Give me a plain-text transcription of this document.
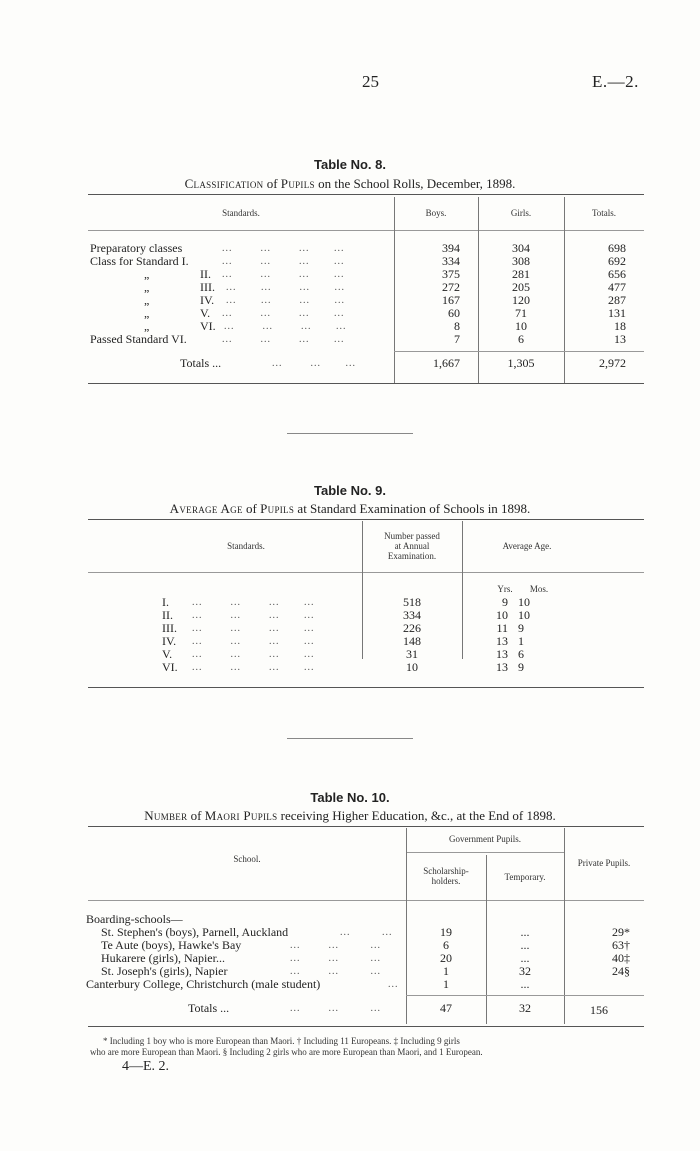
25	E.—2.
Table No. 8.
Classification of Pupils on the School Rolls, December, 1898.
Standards.	Boys.	Girls.	Totals.
Preparatory classes	...        ...        ...       ...	394	304	698
Class for Standard I.	...        ...        ...       ...	334	308	692
„	II. ...        ...        ...       ...	375	281	656
„	III. ...       ...        ...       ...	272	205	477
„	IV. ...       ...        ...       ...	167	120	287
„	V. ...        ...        ...       ...	60	71	131
„	VI. ...        ...        ...       ...	8	10	18
Passed Standard VI.	...        ...        ...       ...	7	6	13
Totals ...	...        ...       ...	1,667	1,305	2,972
Table No. 9.
Average Age of Pupils at Standard Examination of Schools in 1898.
Standards.
Number passed
at Annual
Examination.
Average Age.
Yrs.	Mos.
I. ...        ...        ...       ...	518	9 10
II. ...        ...        ...       ...	334	10 10
III. ...        ...        ...       ...	226	11 9
IV. ...        ...        ...       ...	148	13 1
V. ...        ...        ...       ...	31	13 6
VI. ...        ...        ...       ...	10	13 9
Table No. 10.
Number of Maori Pupils receiving Higher Education, &c., at the End of 1898.
School.
Government Pupils.
Scholarship-
holders.	Temporary.
Private Pupils.
Boarding-schools—
St. Stephen's (boys), Parnell, Auckland	...         ...	19	...	29*
Te Aute (boys), Hawke's Bay	...        ...         ...	6	...	63†
Hukarere (girls), Napier...	...        ...         ...	20	...	40‡
St. Joseph's (girls), Napier	...        ...         ...	1	32	24§
Canterbury College, Christchurch (male student)	...	1	...
Totals ...	...        ...         ...	47	32	156
* Including 1 boy who is more European than Maori. † Including 11 Europeans. ‡ Including 9 girls
who are more European than Maori. § Including 2 girls who are more European than Maori, and 1 European.
4—E. 2.
